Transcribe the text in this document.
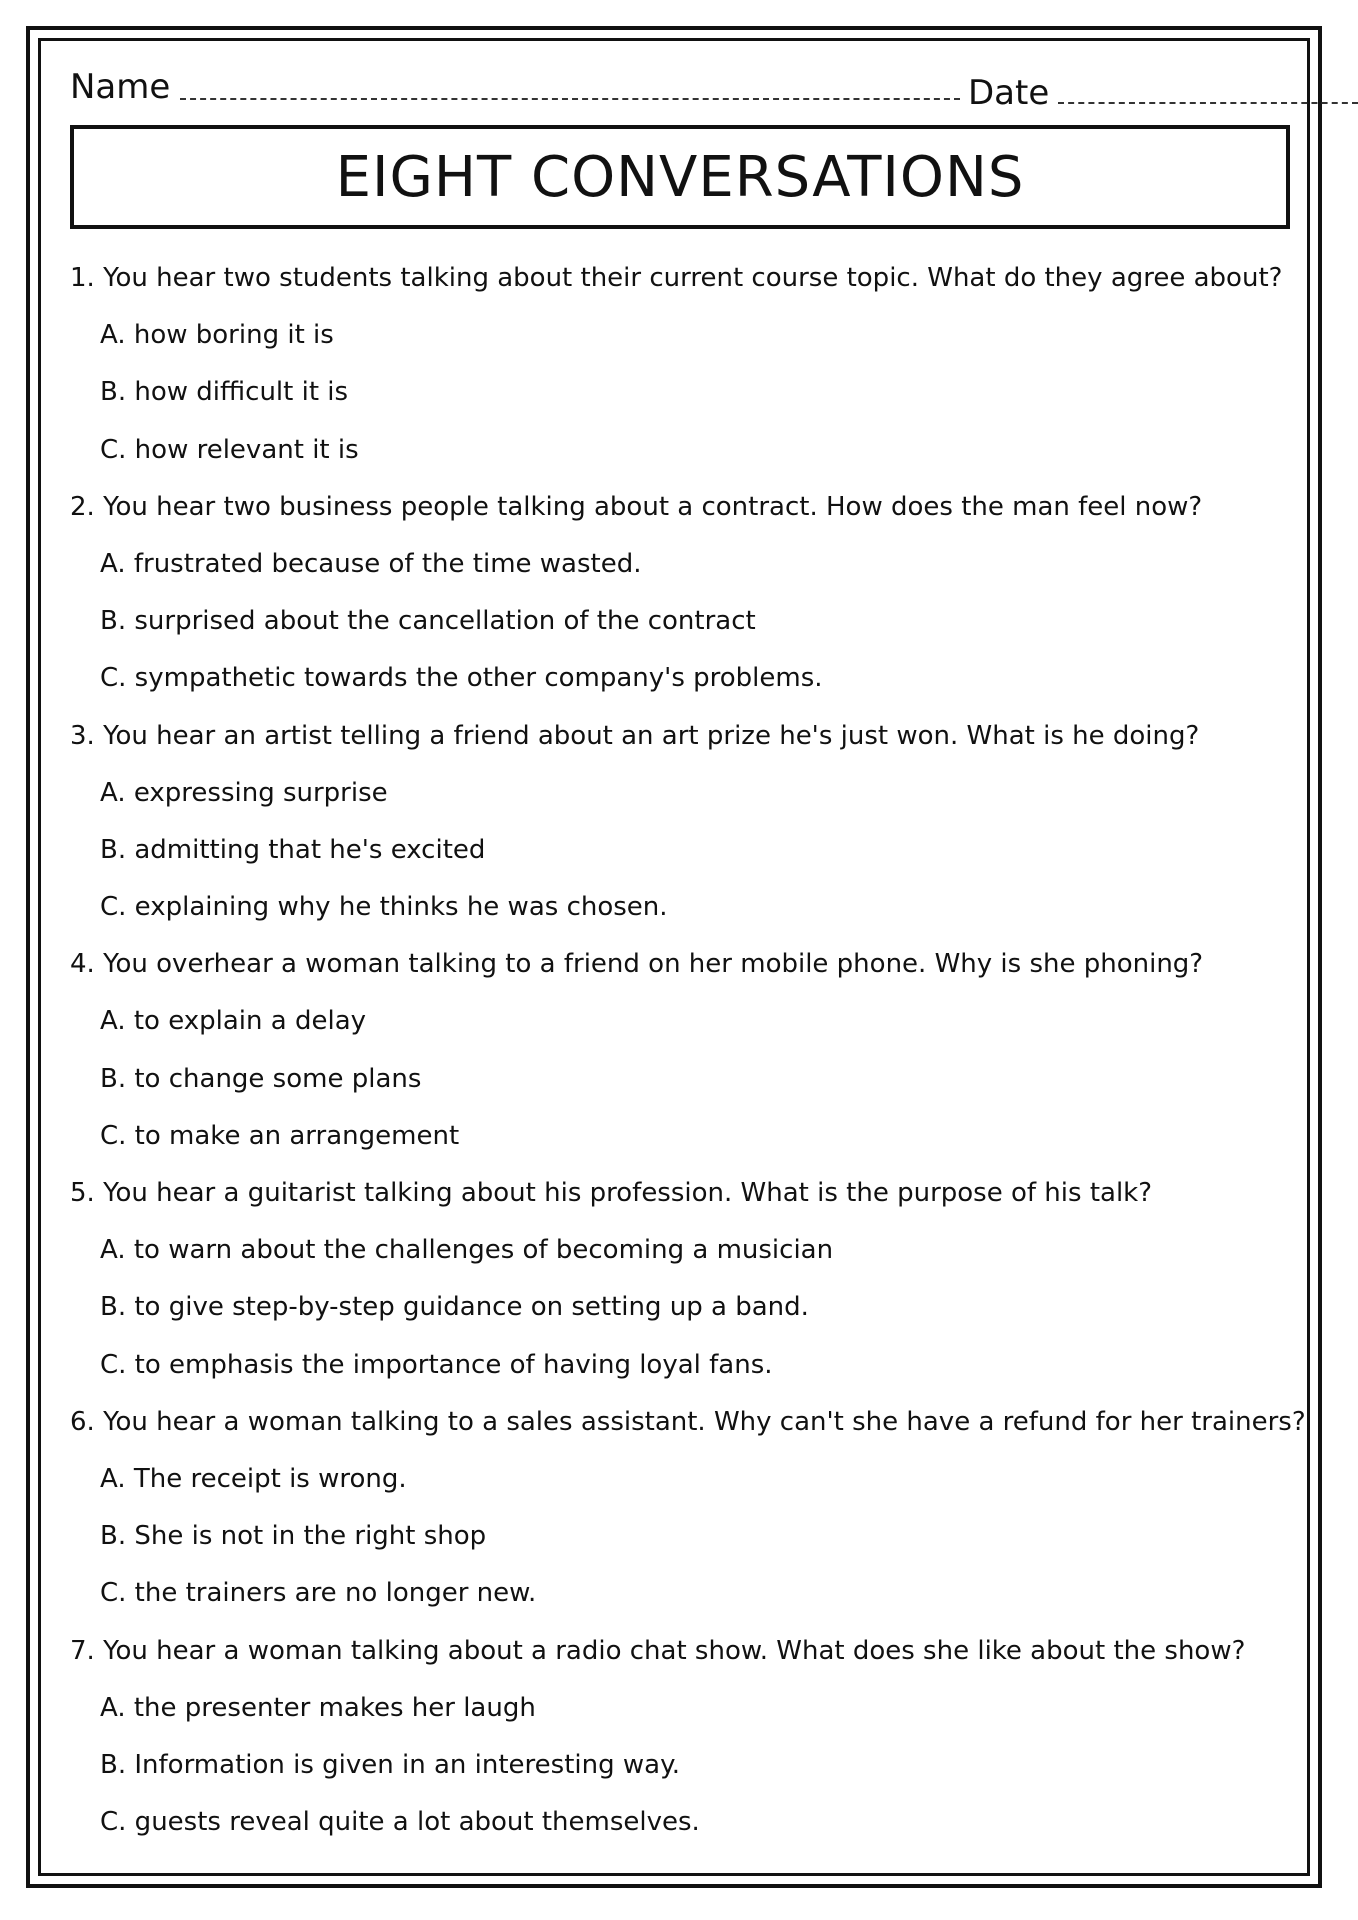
Name	Date
EIGHT CONVERSATIONS
1. You hear two students talking about their current course topic. What do they agree about?
A. how boring it is
B. how difficult it is
C. how relevant it is
2. You hear two business people talking about a contract. How does the man feel now?
A. frustrated because of the time wasted.
B. surprised about the cancellation of the contract
C. sympathetic towards the other company's problems.
3. You hear an artist telling a friend about an art prize he's just won. What is he doing?
A. expressing surprise
B. admitting that he's excited
C. explaining why he thinks he was chosen.
4. You overhear a woman talking to a friend on her mobile phone. Why is she phoning?
A. to explain a delay
B. to change some plans
C. to make an arrangement
5. You hear a guitarist talking about his profession. What is the purpose of his talk?
A. to warn about the challenges of becoming a musician
B. to give step-by-step guidance on setting up a band.
C. to emphasis the importance of having loyal fans.
6. You hear a woman talking to a sales assistant. Why can't she have a refund for her trainers?
A. The receipt is wrong.
B. She is not in the right shop
C. the trainers are no longer new.
7. You hear a woman talking about a radio chat show. What does she like about the show?
A. the presenter makes her laugh
B. Information is given in an interesting way.
C. guests reveal quite a lot about themselves.
